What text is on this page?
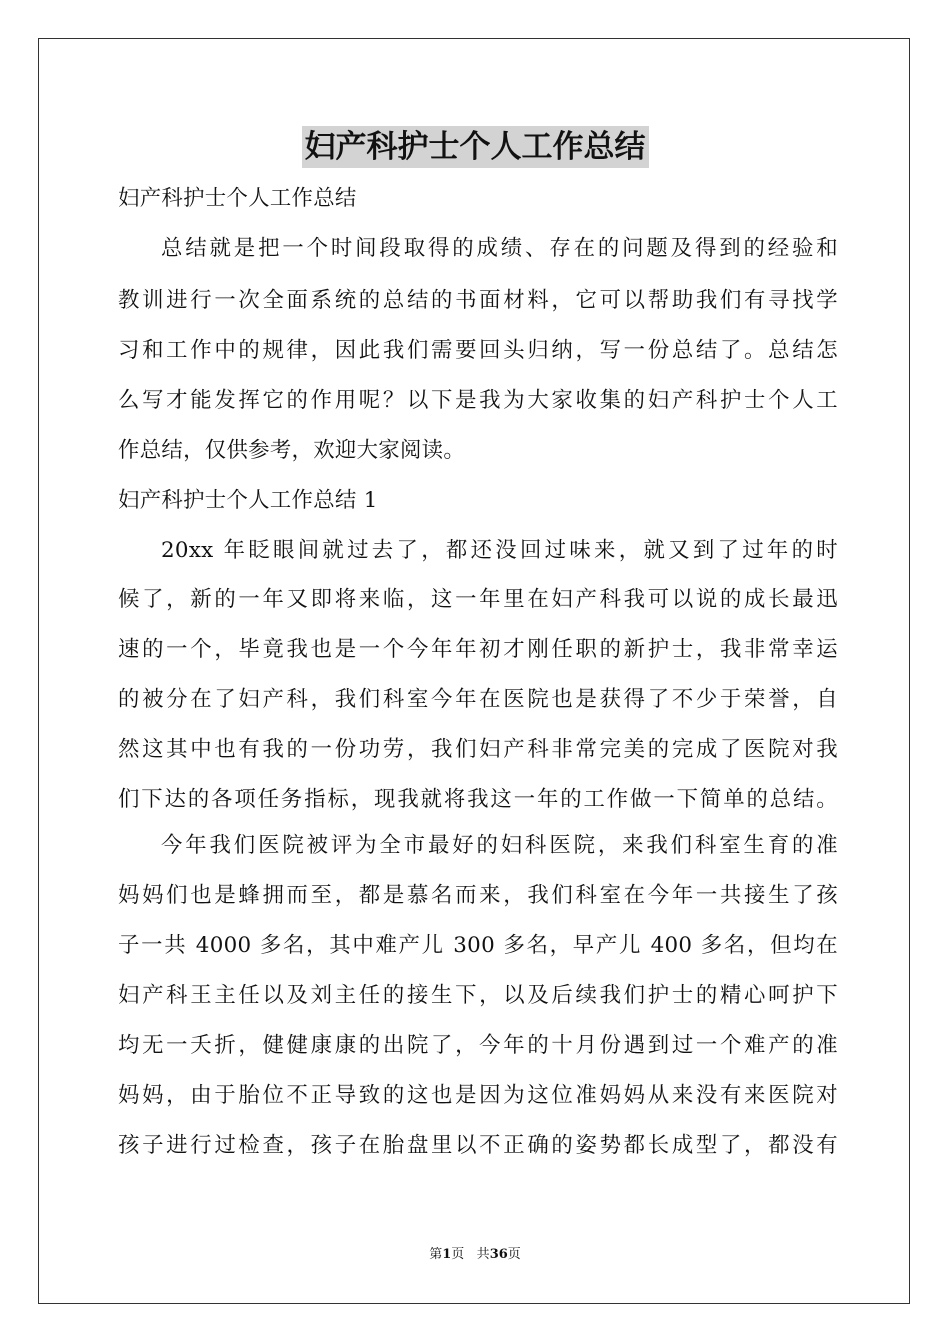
妇产科护士个人工作总结
妇产科护士个人工作总结
总结就是把一个时间段取得的成绩、存在的问题及得到的经验和
教训进行一次全面系统的总结的书面材料，它可以帮助我们有寻找学
习和工作中的规律，因此我们需要回头归纳，写一份总结了。总结怎
么写才能发挥它的作用呢？以下是我为大家收集的妇产科护士个人工
作总结，仅供参考，欢迎大家阅读。
妇产科护士个人工作总结 1
20xx 年眨眼间就过去了，都还没回过味来，就又到了过年的时
候了，新的一年又即将来临，这一年里在妇产科我可以说的成长最迅
速的一个，毕竟我也是一个今年年初才刚任职的新护士，我非常幸运
的被分在了妇产科，我们科室今年在医院也是获得了不少于荣誉，自
然这其中也有我的一份功劳，我们妇产科非常完美的完成了医院对我
们下达的各项任务指标，现我就将我这一年的工作做一下简单的总结。
今年我们医院被评为全市最好的妇科医院，来我们科室生育的准
妈妈们也是蜂拥而至，都是慕名而来，我们科室在今年一共接生了孩
子一共 4000 多名，其中难产儿 300 多名，早产儿 400 多名，但均在
妇产科王主任以及刘主任的接生下，以及后续我们护士的精心呵护下
均无一夭折，健健康康的出院了，今年的十月份遇到过一个难产的准
妈妈，由于胎位不正导致的这也是因为这位准妈妈从来没有来医院对
孩子进行过检查，孩子在胎盘里以不正确的姿势都长成型了，都没有
第1页 共36页
